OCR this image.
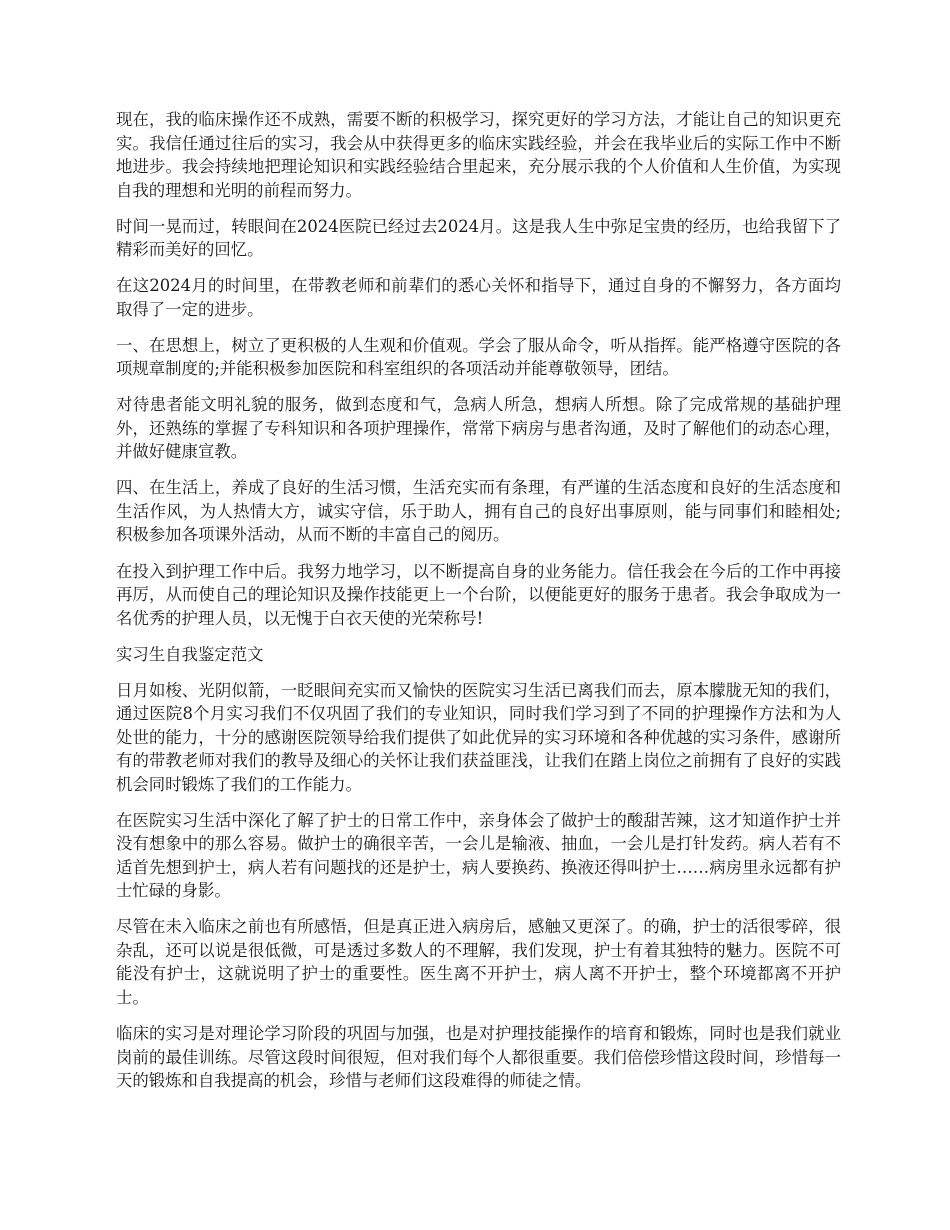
现在，我的临床操作还不成熟，需要不断的积极学习，探究更好的学习方法，才能让自己的知识更充实。我信任通过往后的实习，我会从中获得更多的临床实践经验，并会在我毕业后的实际工作中不断地进步。我会持续地把理论知识和实践经验结合里起来，充分展示我的个人价值和人生价值，为实现自我的理想和光明的前程而努力。

时间一晃而过，转眼间在2024医院已经过去2024月。这是我人生中弥足宝贵的经历，也给我留下了精彩而美好的回忆。

在这2024月的时间里，在带教老师和前辈们的悉心关怀和指导下，通过自身的不懈努力，各方面均取得了一定的进步。

一、在思想上，树立了更积极的人生观和价值观。学会了服从命令，听从指挥。能严格遵守医院的各项规章制度的;并能积极参加医院和科室组织的各项活动并能尊敬领导，团结。

对待患者能文明礼貌的服务，做到态度和气，急病人所急，想病人所想。除了完成常规的基础护理外，还熟练的掌握了专科知识和各项护理操作，常常下病房与患者沟通，及时了解他们的动态心理，并做好健康宣教。

四、在生活上，养成了良好的生活习惯，生活充实而有条理，有严谨的生活态度和良好的生活态度和生活作风，为人热情大方，诚实守信，乐于助人，拥有自己的良好出事原则，能与同事们和睦相处;积极参加各项课外活动，从而不断的丰富自己的阅历。

在投入到护理工作中后。我努力地学习，以不断提高自身的业务能力。信任我会在今后的工作中再接再厉，从而使自己的理论知识及操作技能更上一个台阶，以便能更好的服务于患者。我会争取成为一名优秀的护理人员，以无愧于白衣天使的光荣称号!

实习生自我鉴定范文

日月如梭、光阴似箭，一眨眼间充实而又愉快的医院实习生活已离我们而去，原本朦胧无知的我们，通过医院8个月实习我们不仅巩固了我们的专业知识，同时我们学习到了不同的护理操作方法和为人处世的能力，十分的感谢医院领导给我们提供了如此优异的实习环境和各种优越的实习条件，感谢所有的带教老师对我们的教导及细心的关怀让我们获益匪浅，让我们在踏上岗位之前拥有了良好的实践机会同时锻炼了我们的工作能力。

在医院实习生活中深化了解了护士的日常工作中，亲身体会了做护士的酸甜苦辣，这才知道作护士并没有想象中的那么容易。做护士的确很辛苦，一会儿是输液、抽血，一会儿是打针发药。病人若有不适首先想到护士，病人若有问题找的还是护士，病人要换药、换液还得叫护士……病房里永远都有护士忙碌的身影。

尽管在未入临床之前也有所感悟，但是真正进入病房后，感触又更深了。的确，护士的活很零碎，很杂乱，还可以说是很低微，可是透过多数人的不理解，我们发现，护士有着其独特的魅力。医院不可能没有护士，这就说明了护士的重要性。医生离不开护士，病人离不开护士，整个环境都离不开护士。

临床的实习是对理论学习阶段的巩固与加强，也是对护理技能操作的培育和锻炼，同时也是我们就业岗前的最佳训练。尽管这段时间很短，但对我们每个人都很重要。我们倍偿珍惜这段时间，珍惜每一天的锻炼和自我提高的机会，珍惜与老师们这段难得的师徒之情。
